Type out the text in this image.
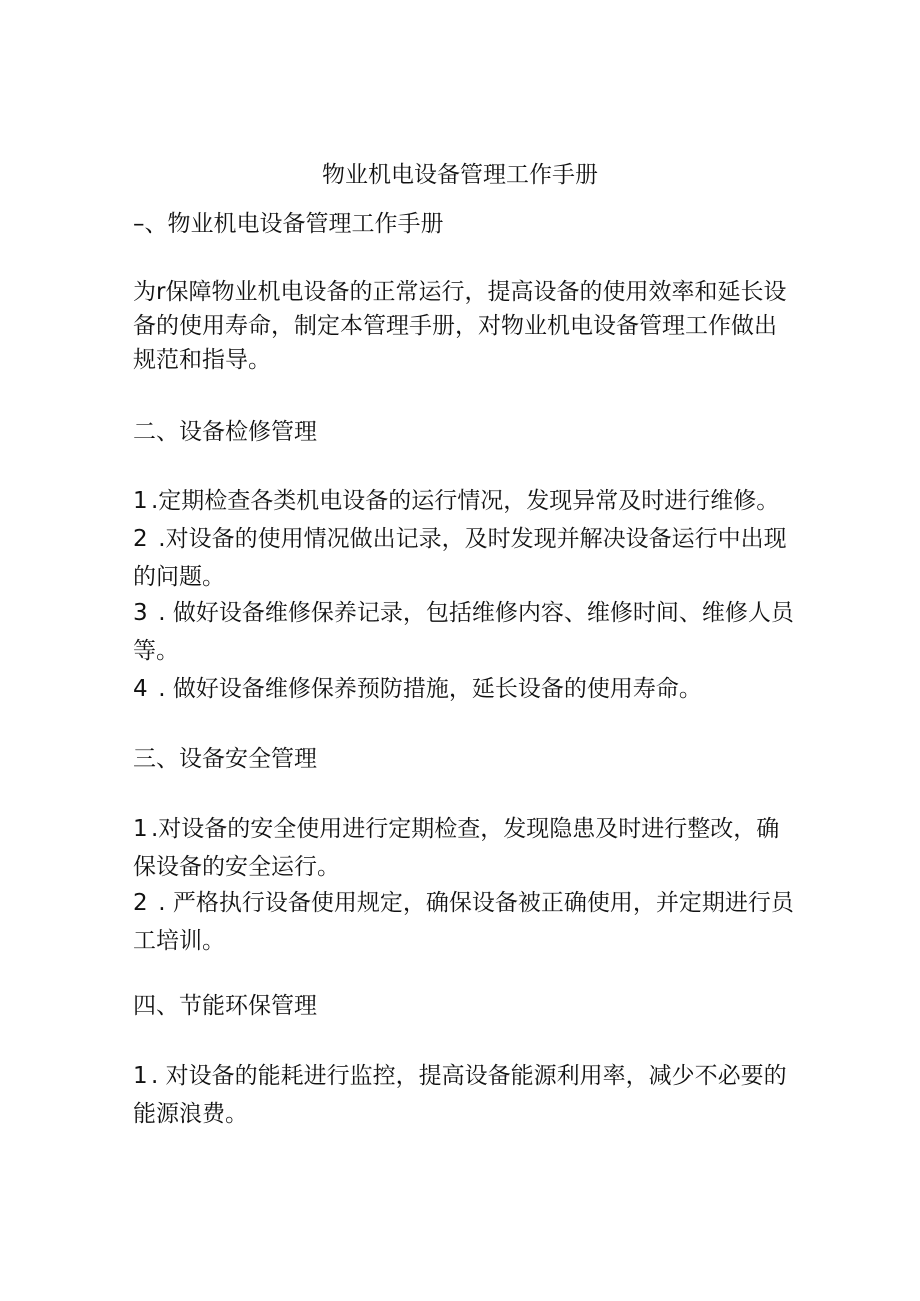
物业机电设备管理工作手册
–、物业机电设备管理工作手册

为r保障物业机电设备的正常运行，提高设备的使用效率和延长设备的使用寿命，制定本管理手册，对物业机电设备管理工作做出规范和指导。

二、设备检修管理
1 .定期检查各类机电设备的运行情况，发现异常及时进行维修。
2 .对设备的使用情况做出记录，及时发现并解决设备运行中出现的问题。
3 . 做好设备维修保养记录，包括维修内容、维修时间、维修人员等。
4 . 做好设备维修保养预防措施，延长设备的使用寿命。
三、设备安全管理
1 .对设备的安全使用进行定期检查，发现隐患及时进行整改，确保设备的安全运行。
2 . 严格执行设备使用规定，确保设备被正确使用，并定期进行员工培训。
四、节能环保管理
1 . 对设备的能耗进行监控，提高设备能源利用率，减少不必要的能源浪费。
